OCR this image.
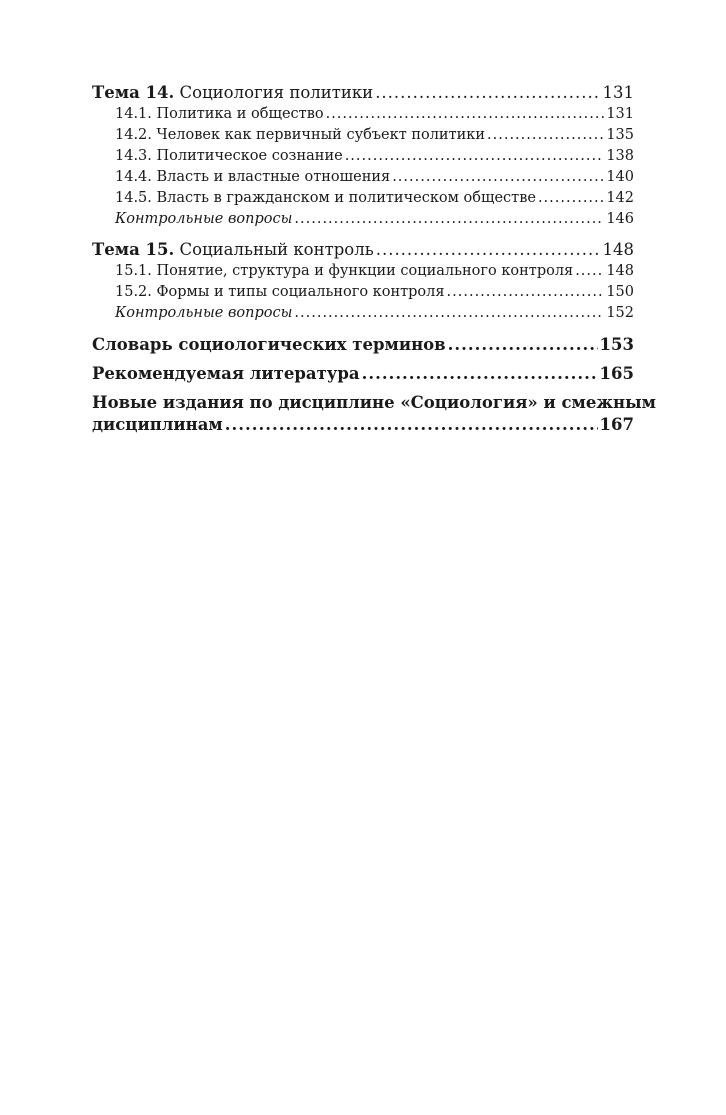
Тема 14. Социология политики .....	131
14.1. Политика и общество .....	131
14.2. Человек как первичный субъект политики .....	135
14.3. Политическое сознание .....	138
14.4. Власть и властные отношения .....	140
14.5. Власть в гражданском и политическом обществе .....	142
Контрольные вопросы .....	146
Тема 15. Социальный контроль .....	148
15.1. Понятие, структура и функции социального контроля ..... 148
15.2. Формы и типы социального контроля .....	150
Контрольные вопросы .....	152
Словарь социологических терминов .....	153
Рекомендуемая литература .....	165
Новые издания по дисциплине «Социология» и смежным
дисциплинам .....	167
